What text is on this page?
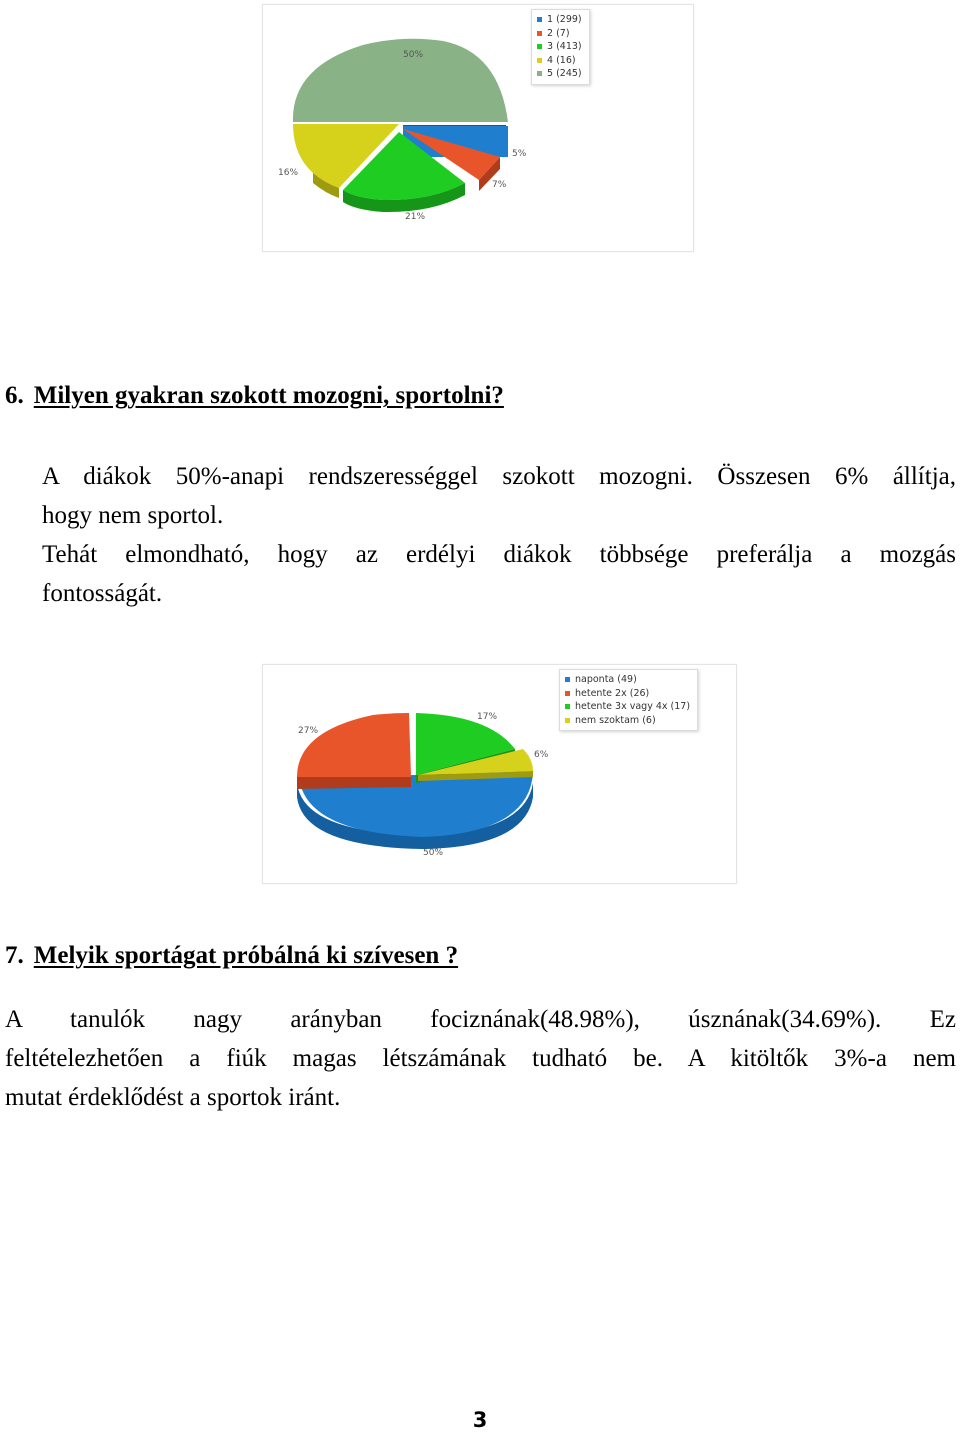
50%
5%
7%
21%
16%
1 (299)
2 (7)
3 (413)
4 (16)
5 (245)
6. Milyen gyakran szokott mozogni, sportolni?
A diákok 50%-anapi rendszerességgel szokott mozogni. Összesen 6% állítja,
hogy nem sportol.
Tehát elmondható, hogy az erdélyi diákok többsége preferálja a mozgás
fontosságát.
50%
27%
17%
6%
naponta (49)
hetente 2x (26)
hetente 3x vagy 4x (17)
nem szoktam (6)
7. Melyik sportágat próbálná ki szívesen ?
A tanulók nagy arányban fociznának(48.98%), úsznának(34.69%). Ez
feltételezhetően a fiúk magas létszámának tudható be. A kitöltők 3%-a nem
mutat érdeklődést a sportok iránt.
3
